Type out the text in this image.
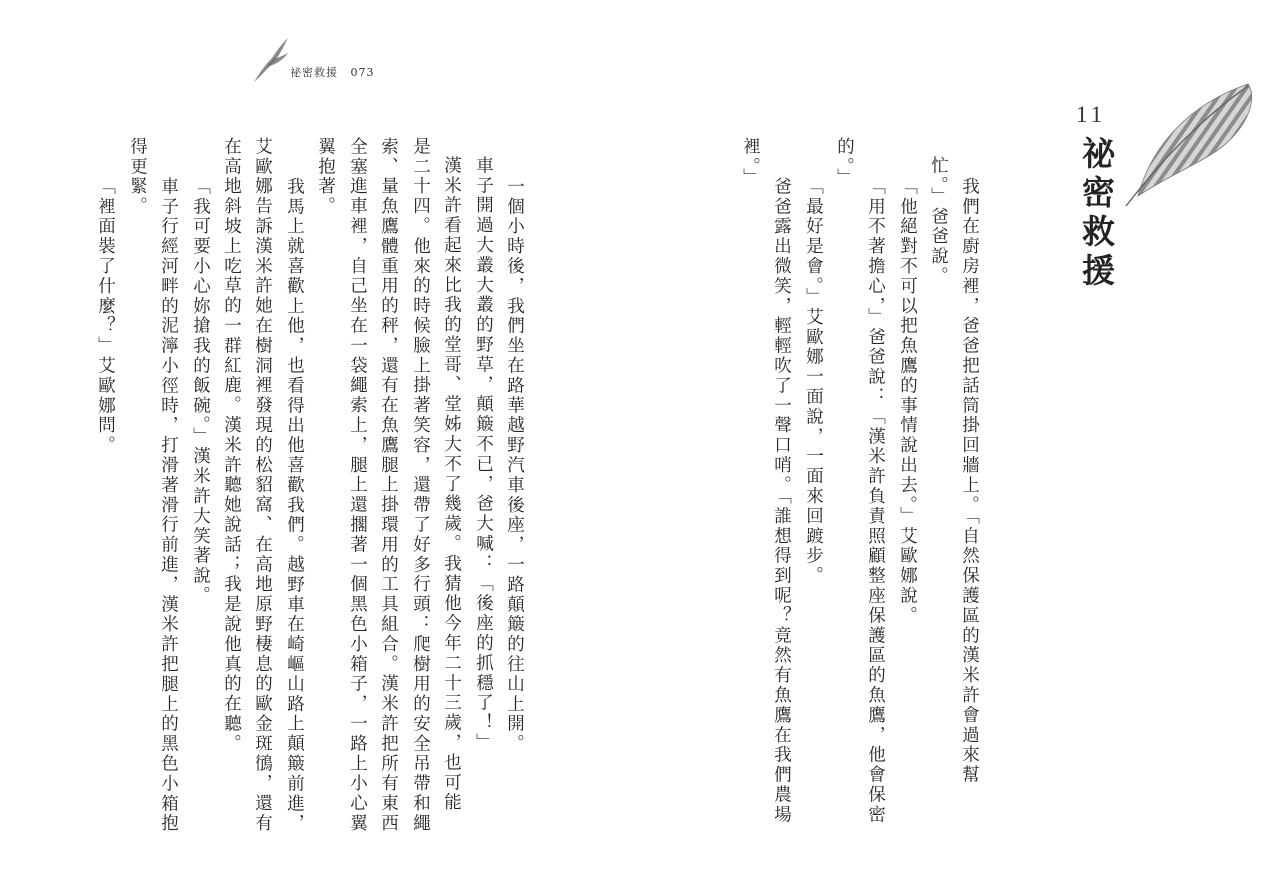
祕密救援 073
11
祕密救援
我們在廚房裡，爸爸把話筒掛回牆上。「自然保護區的漢米許會過來幫
忙。」爸爸說。
「他絕對不可以把魚鷹的事情說出去。」艾歐娜說。
「用不著擔心，」爸爸說：「漢米許負責照顧整座保護區的魚鷹，他會保密
的。」
「最好是會。」艾歐娜一面說，一面來回踱步。
爸爸露出微笑，輕輕吹了一聲口哨。「誰想得到呢？竟然有魚鷹在我們農場
裡。」
一個小時後，我們坐在路華越野汽車後座，一路顛簸的往山上開。
車子開過大叢大叢的野草，顛簸不已，爸大喊：「後座的抓穩了！」
漢米許看起來比我的堂哥、堂姊大不了幾歲。我猜他今年二十三歲，也可能
是二十四。他來的時候臉上掛著笑容，還帶了好多行頭：爬樹用的安全吊帶和繩
索、量魚鷹體重用的秤，還有在魚鷹腿上掛環用的工具組合。漢米許把所有東西
全塞進車裡，自己坐在一袋繩索上，腿上還擱著一個黑色小箱子，一路上小心翼
翼抱著。
我馬上就喜歡上他，也看得出他喜歡我們。越野車在崎嶇山路上顛簸前進，
艾歐娜告訴漢米許她在樹洞裡發現的松貂窩、在高地原野棲息的歐金斑鴴，還有
在高地斜坡上吃草的一群紅鹿。漢米許聽她說話；我是說他真的在聽。
「我可要小心妳搶我的飯碗。」漢米許大笑著說。
車子行經河畔的泥濘小徑時，打滑著滑行前進，漢米許把腿上的黑色小箱抱
得更緊。
「裡面裝了什麼？」艾歐娜問。
